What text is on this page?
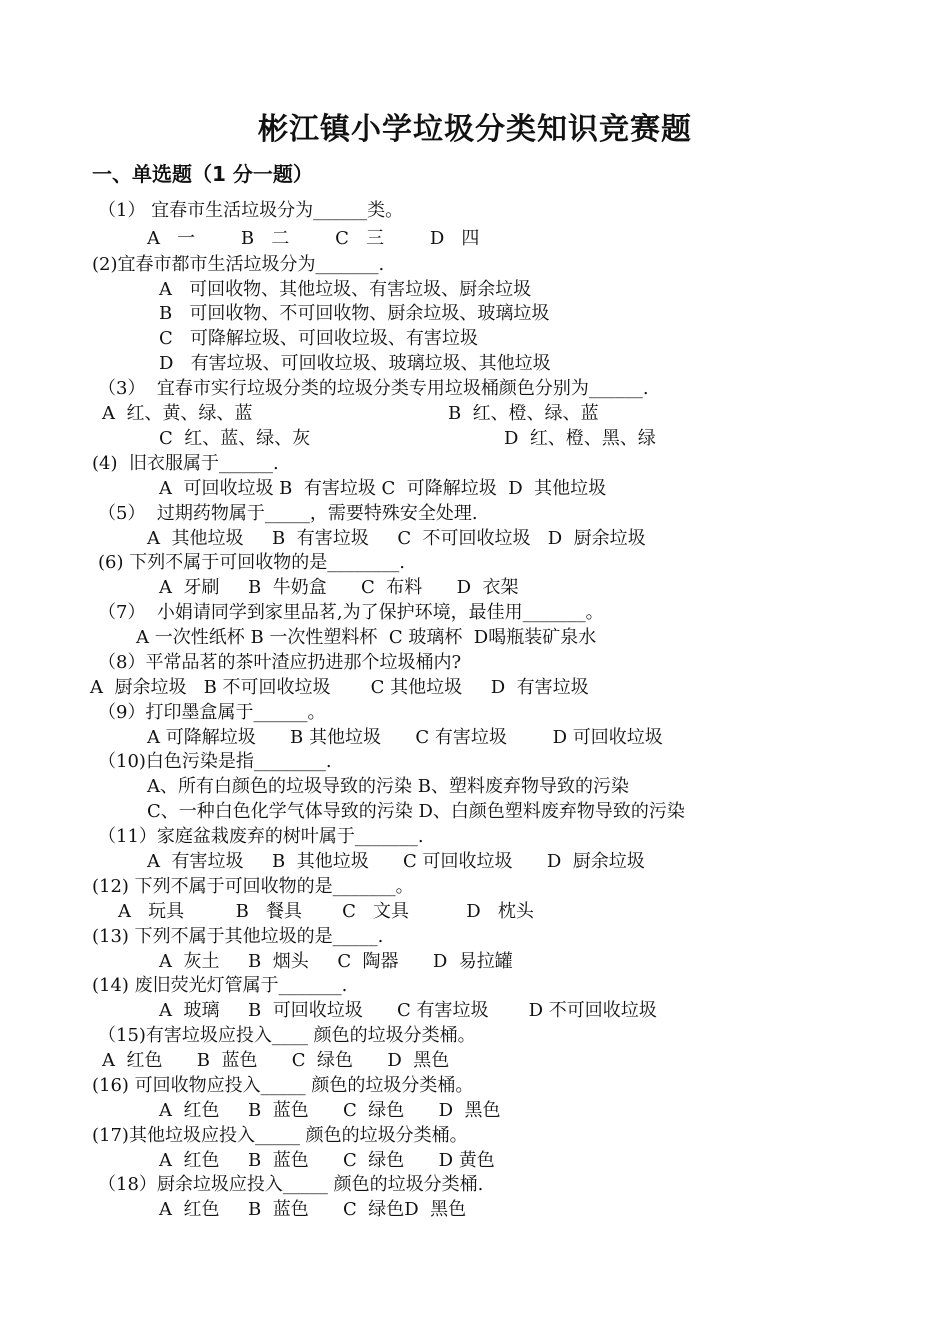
彬江镇小学垃圾分类知识竞赛题
一、单选题（1 分一题）
（1） 宜春市生活垃圾分为______类。
A   一        B   二        C   三        D   四
(2)宜春市都市生活垃圾分为_______.
A   可回收物、其他垃圾、有害垃圾、厨余垃圾
B   可回收物、不可回收物、厨余垃圾、玻璃垃圾
C   可降解垃圾、可回收垃圾、有害垃圾
D   有害垃圾、可回收垃圾、玻璃垃圾、其他垃圾
（3）  宜春市实行垃圾分类的垃圾分类专用垃圾桶颜色分别为______.
A  红、黄、绿、蓝	B  红、橙、绿、蓝
C  红、蓝、绿、灰	D  红、橙、黑、绿
(4)  旧衣服属于______.
A  可回收垃圾 B  有害垃圾 C  可降解垃圾  D  其他垃圾
（5）  过期药物属于_____，需要特殊安全处理.
A  其他垃圾     B  有害垃圾     C  不可回收垃圾   D  厨余垃圾
(6) 下列不属于可回收物的是________.
A  牙刷     B  牛奶盒      C  布料      D  衣架
（7）  小娟请同学到家里品茗,为了保护环境，最佳用_______。
A 一次性纸杯 B 一次性塑料杯  C 玻璃杯  D喝瓶装矿泉水
（8）平常品茗的茶叶渣应扔进那个垃圾桶内?
A  厨余垃圾   B 不可回收垃圾       C 其他垃圾     D  有害垃圾
（9）打印墨盒属于______。
A 可降解垃圾      B 其他垃圾      C 有害垃圾        D 可回收垃圾
（10)白色污染是指________.
A、所有白颜色的垃圾导致的污染 B、塑料废弃物导致的污染
C、一种白色化学气体导致的污染 D、白颜色塑料废弃物导致的污染
（11）家庭盆栽废弃的树叶属于_______.
A  有害垃圾     B  其他垃圾      C 可回收垃圾      D  厨余垃圾
(12) 下列不属于可回收物的是_______。
A   玩具         B   餐具       C   文具          D   枕头
(13) 下列不属于其他垃圾的是_____.
A  灰土     B  烟头     C  陶器      D  易拉罐
(14) 废旧荧光灯管属于_______.
A  玻璃     B  可回收垃圾      C 有害垃圾       D 不可回收垃圾
（15)有害垃圾应投入____ 颜色的垃圾分类桶。
A  红色      B  蓝色      C  绿色      D  黑色
(16) 可回收物应投入_____ 颜色的垃圾分类桶。
A  红色     B  蓝色      C  绿色      D  黑色
(17)其他垃圾应投入_____ 颜色的垃圾分类桶。
A  红色     B  蓝色      C  绿色      D 黄色
（18）厨余垃圾应投入_____ 颜色的垃圾分类桶.
A  红色     B  蓝色      C  绿色D  黑色
